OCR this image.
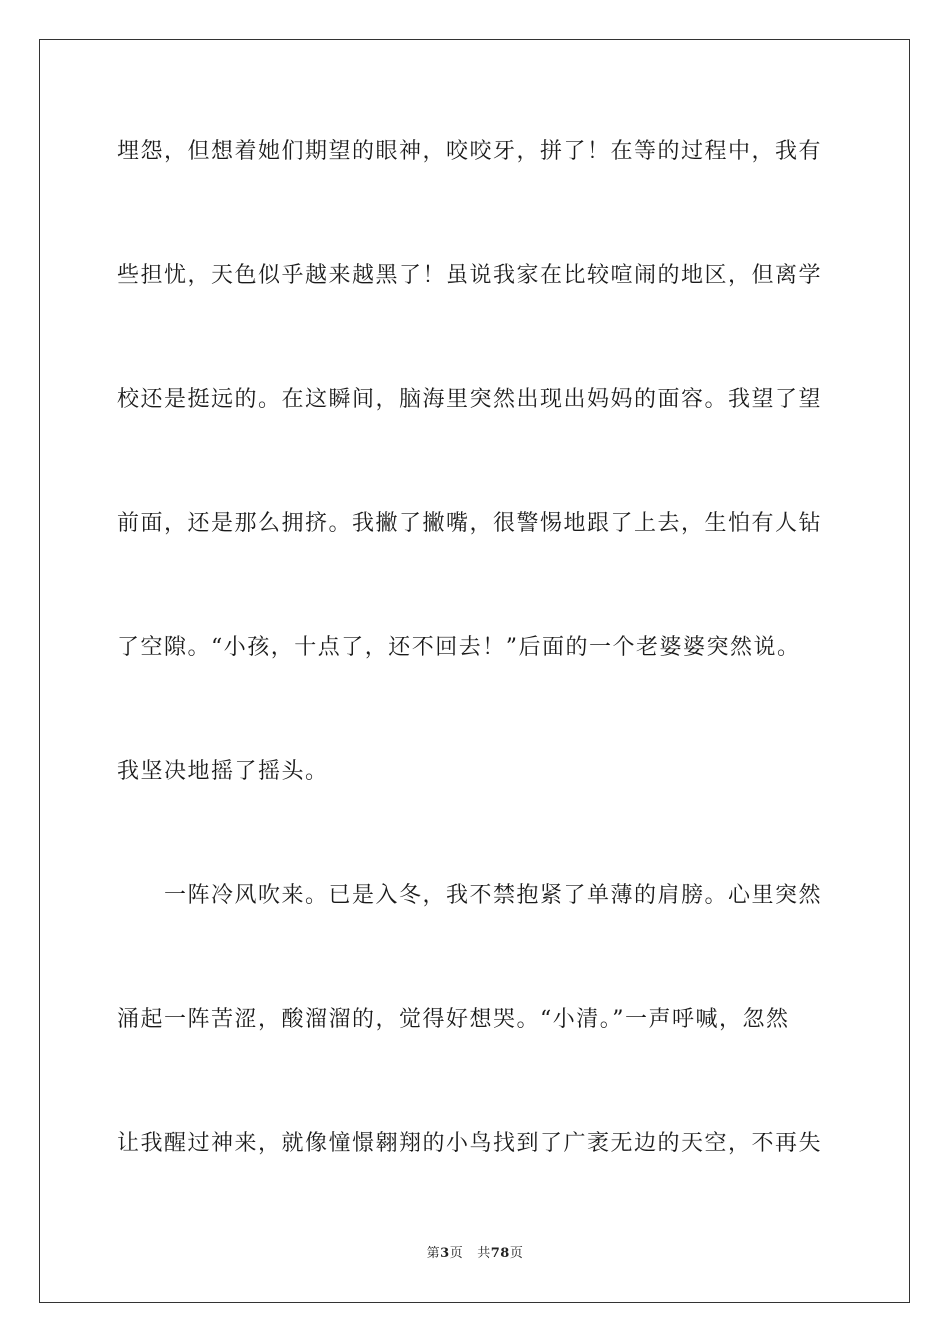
埋怨，但想着她们期望的眼神，咬咬牙，拼了！在等的过程中，我有
些担忧，天色似乎越来越黑了！虽说我家在比较喧闹的地区，但离学
校还是挺远的。在这瞬间，脑海里突然出现出妈妈的面容。我望了望
前面，还是那么拥挤。我撇了撇嘴，很警惕地跟了上去，生怕有人钻
了空隙。“小孩，十点了，还不回去！”后面的一个老婆婆突然说。
我坚决地摇了摇头。
一阵冷风吹来。已是入冬，我不禁抱紧了单薄的肩膀。心里突然
涌起一阵苦涩，酸溜溜的，觉得好想哭。“小清。”一声呼喊，忽然
让我醒过神来，就像憧憬翱翔的小鸟找到了广袤无边的天空，不再失
第3页 共78页
